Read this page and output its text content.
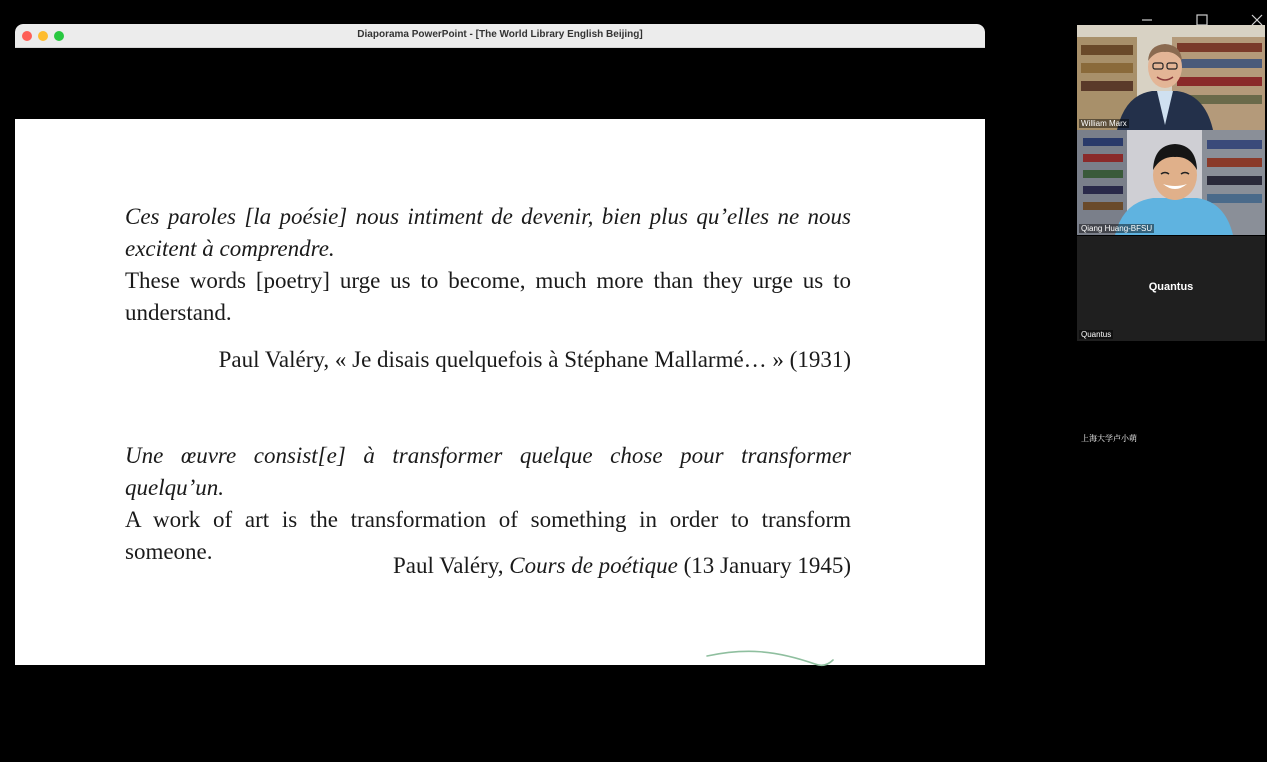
Diaporama PowerPoint - [The World Library English Beijing]

Ces paroles [la poésie] nous intiment de devenir, bien plus qu’elles ne nous excitent à comprendre.

These words [poetry] urge us to become, much more than they urge us to understand.

Paul Valéry, « Je disais quelquefois à Stéphane Mallarmé… » (1931)

Une œuvre consist[e] à transformer quelque chose pour transformer quelqu’un.

A work of art is the transformation of something in order to transform someone.

Paul Valéry, Cours de poétique (13 January 1945)
William Marx
Qiang Huang-BFSU
Quantus
Quantus
上海大学卢小萌
